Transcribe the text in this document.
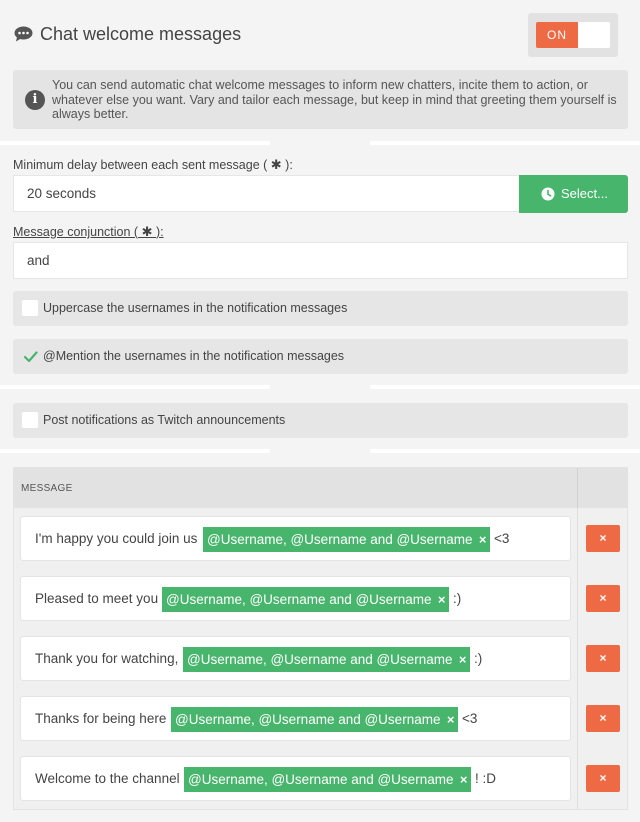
Chat welcome messages	ON
i
You can send automatic chat welcome messages to inform new chatters, incite them to action, or whatever else you want. Vary and tailor each message, but keep in mind that greeting them yourself is always better.
Minimum delay between each sent message ( ✱ ):
20 seconds	Select...
Message conjunction ( ✱ ):
and
Uppercase the usernames in the notification messages
@Mention the usernames in the notification messages
Post notifications as Twitch announcements
MESSAGE
I'm happy you could join us @Username, @Username and @Username × <3	×
Pleased to meet you @Username, @Username and @Username × :)	×
Thank you for watching, @Username, @Username and @Username × :)	×
Thanks for being here @Username, @Username and @Username × <3	×
Welcome to the channel @Username, @Username and @Username × ! :D	×
